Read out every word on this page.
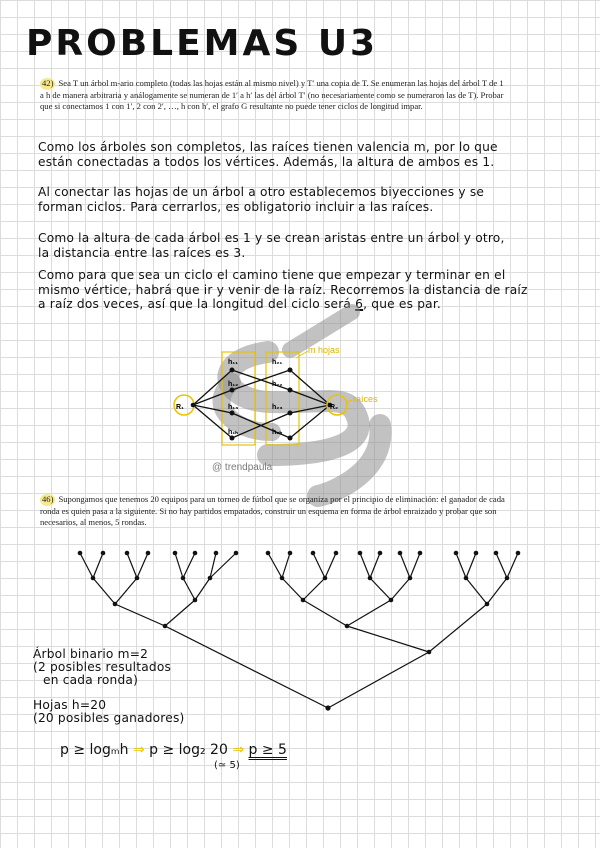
PROBLEMAS U3
42) Sea T un árbol m-ario completo (todas las hojas están al mismo nivel) y T′ una copia de T. Se enumeran las hojas del árbol T de 1 a h de manera arbitraria y análogamente se numeran de 1′ a h′ las del árbol T′ (no necesariamente como se numeraron las de T). Probar que si conectamos 1 con 1′, 2 con 2′, …, h con h′, el grafo G resultante no puede tener ciclos de longitud impar.

Como los árboles son completos, las raíces tienen valencia m, por lo que están conectadas a todos los vértices. Además, la altura de ambos es 1.

Al conectar las hojas de un árbol a otro establecemos biyecciones y se forman ciclos. Para cerrarlos, es obligatorio incluir a las raíces.

Como la altura de cada árbol es 1 y se crean aristas entre un árbol y otro, la distancia entre las raíces es 3.

Como para que sea un ciclo el camino tiene que empezar y terminar en el mismo vértice, habrá que ir y venir de la raíz. Recorremos la distancia de raíz a raíz dos veces, así que la longitud del ciclo será 6, que es par.

@ trendpaula
h₁₁
h₁₂
h₁₃
h₁ₕ
h₂₁
h₂₂
h₂₃
h₂ₕ
R₁	R₂
m hojas
raíces
46) Supongamos que tenemos 20 equipos para un torneo de fútbol que se organiza por el principio de eliminación: el ganador de cada ronda es quien pasa a la siguiente. Si no hay partidos empatados, construir un esquema en forma de árbol enraizado y probar que son necesarios, al menos, 5 rondas.

Árbol binario m=2

(2 posibles resultados

en cada ronda)

Hojas h=20

(20 posibles ganadores)

p ≥ logₘh ⇒ p ≥ log₂ 20 ⇒ p ≥ 5
(≃ 5)
